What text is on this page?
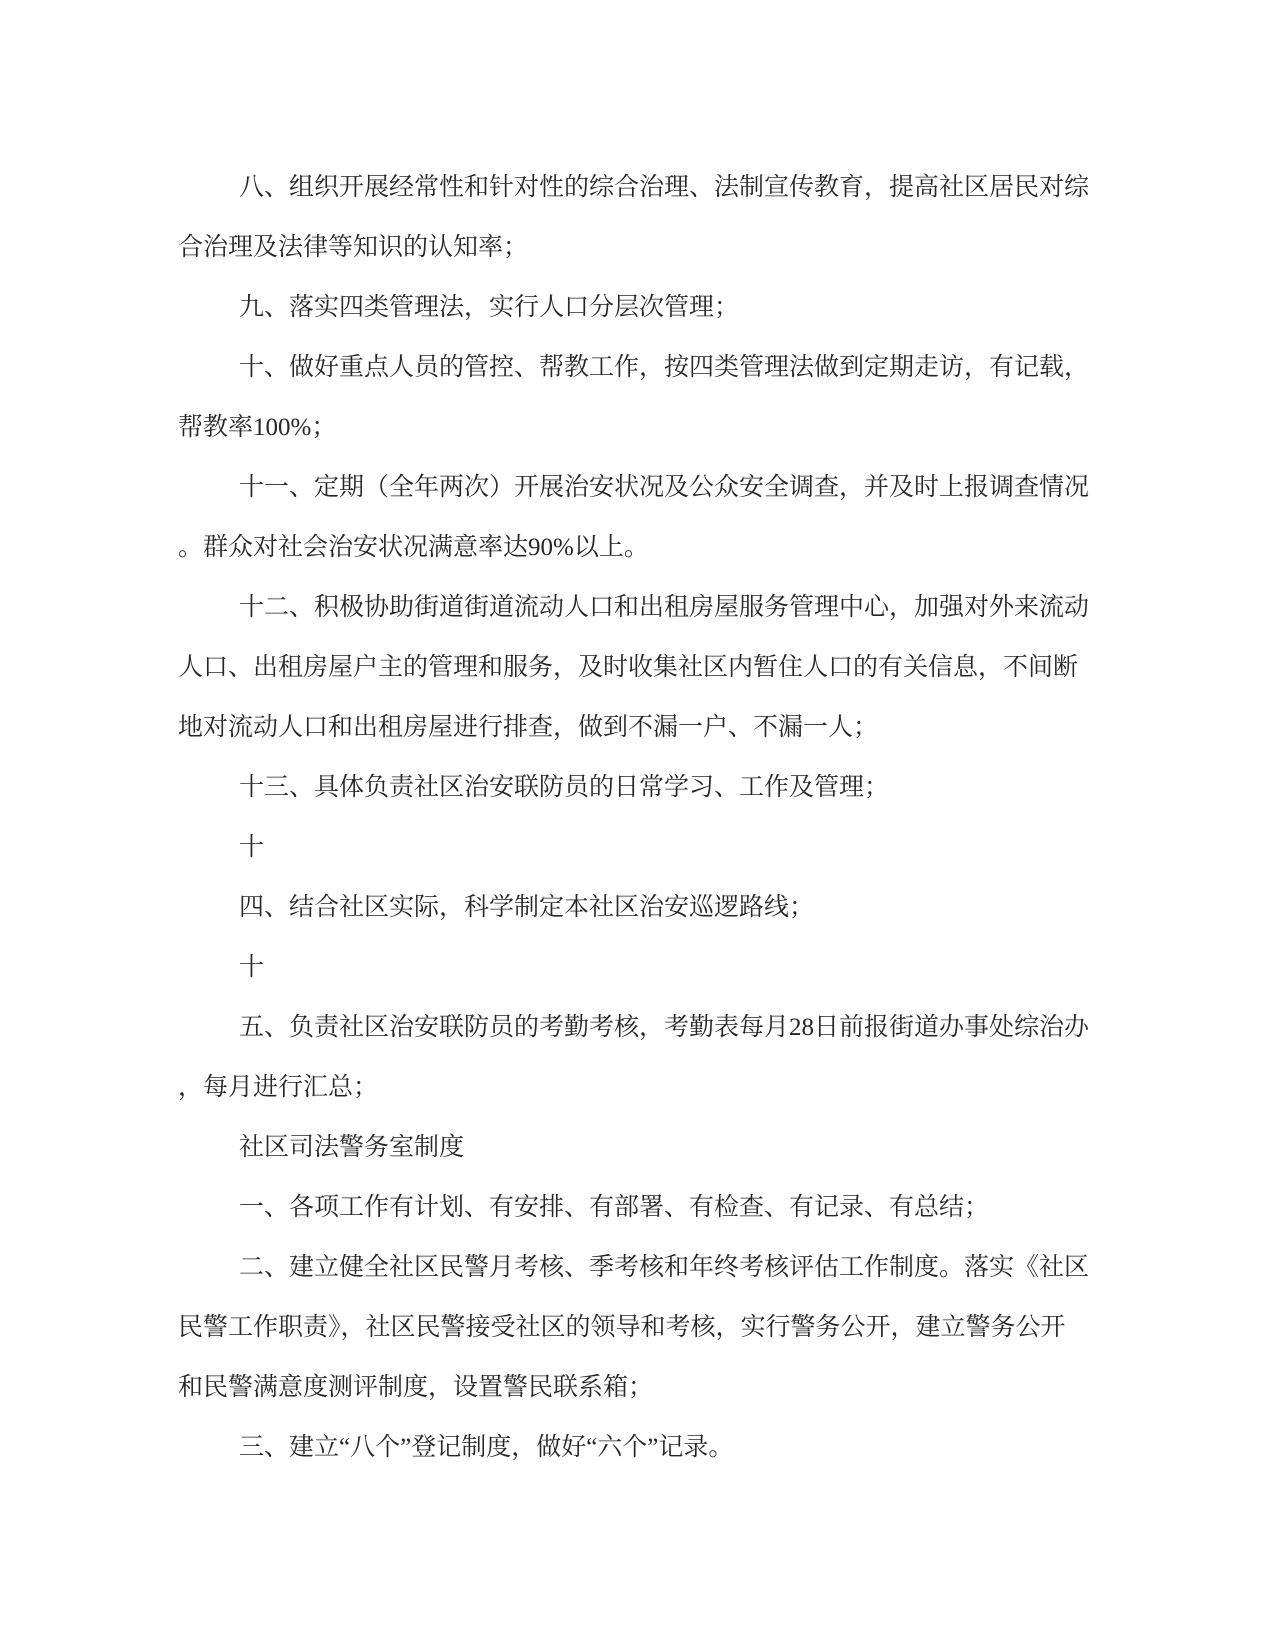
八、组织开展经常性和针对性的综合治理、法制宣传教育，提高社区居民对综
合治理及法律等知识的认知率；
九、落实四类管理法，实行人口分层次管理；
十、做好重点人员的管控、帮教工作，按四类管理法做到定期走访，有记载，
帮教率100%；
十一、定期（全年两次）开展治安状况及公众安全调查，并及时上报调查情况
。群众对社会治安状况满意率达90%以上。
十二、积极协助街道街道流动人口和出租房屋服务管理中心，加强对外来流动
人口、出租房屋户主的管理和服务，及时收集社区内暂住人口的有关信息，不间断
地对流动人口和出租房屋进行排查，做到不漏一户、不漏一人；
十三、具体负责社区治安联防员的日常学习、工作及管理；
十
四、结合社区实际，科学制定本社区治安巡逻路线；
十
五、负责社区治安联防员的考勤考核，考勤表每月28日前报街道办事处综治办
，每月进行汇总；
社区司法警务室制度
一、各项工作有计划、有安排、有部署、有检查、有记录、有总结；
二、建立健全社区民警月考核、季考核和年终考核评估工作制度。落实《社区
民警工作职责》，社区民警接受社区的领导和考核，实行警务公开，建立警务公开
和民警满意度测评制度，设置警民联系箱；
三、建立“八个”登记制度，做好“六个”记录。
